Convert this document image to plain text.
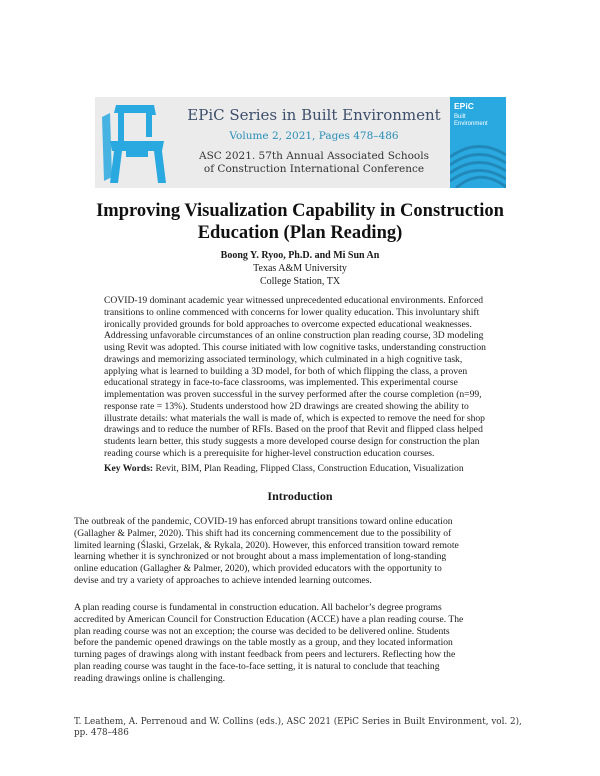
EPiC
Built
Environment
EPiC Series in Built Environment
Volume 2, 2021, Pages 478–486
ASC 2021. 57th Annual Associated Schools
of Construction International Conference
Improving Visualization Capability in Construction
Education (Plan Reading)
Boong Y. Ryoo, Ph.D. and Mi Sun An
Texas A&M University
College Station, TX
COVID-19 dominant academic year witnessed unprecedented educational environments. Enforced
transitions to online commenced with concerns for lower quality education. This involuntary shift
ironically provided grounds for bold approaches to overcome expected educational weaknesses.
Addressing unfavorable circumstances of an online construction plan reading course, 3D modeling
using Revit was adopted. This course initiated with low cognitive tasks, understanding construction
drawings and memorizing associated terminology, which culminated in a high cognitive task,
applying what is learned to building a 3D model, for both of which flipping the class, a proven
educational strategy in face-to-face classrooms, was implemented. This experimental course
implementation was proven successful in the survey performed after the course completion (n=99,
response rate = 13%). Students understood how 2D drawings are created showing the ability to
illustrate details: what materials the wall is made of, which is expected to remove the need for shop
drawings and to reduce the number of RFIs. Based on the proof that Revit and flipped class helped
students learn better, this study suggests a more developed course design for construction the plan
reading course which is a prerequisite for higher-level construction education courses.
Key Words: Revit, BIM, Plan Reading, Flipped Class, Construction Education, Visualization
Introduction
The outbreak of the pandemic, COVID-19 has enforced abrupt transitions toward online education
(Gallagher & Palmer, 2020). This shift had its concerning commencement due to the possibility of
limited learning (Ślaski, Grzelak, & Rykala, 2020). However, this enforced transition toward remote
learning whether it is synchronized or not brought about a mass implementation of long-standing
online education (Gallagher & Palmer, 2020), which provided educators with the opportunity to
devise and try a variety of approaches to achieve intended learning outcomes.
A plan reading course is fundamental in construction education. All bachelor’s degree programs
accredited by American Council for Construction Education (ACCE) have a plan reading course. The
plan reading course was not an exception; the course was decided to be delivered online. Students
before the pandemic opened drawings on the table mostly as a group, and they located information
turning pages of drawings along with instant feedback from peers and lecturers. Reflecting how the
plan reading course was taught in the face-to-face setting, it is natural to conclude that teaching
reading drawings online is challenging.
T. Leathem, A. Perrenoud and W. Collins (eds.), ASC 2021 (EPiC Series in Built Environment, vol. 2),
pp. 478–486
